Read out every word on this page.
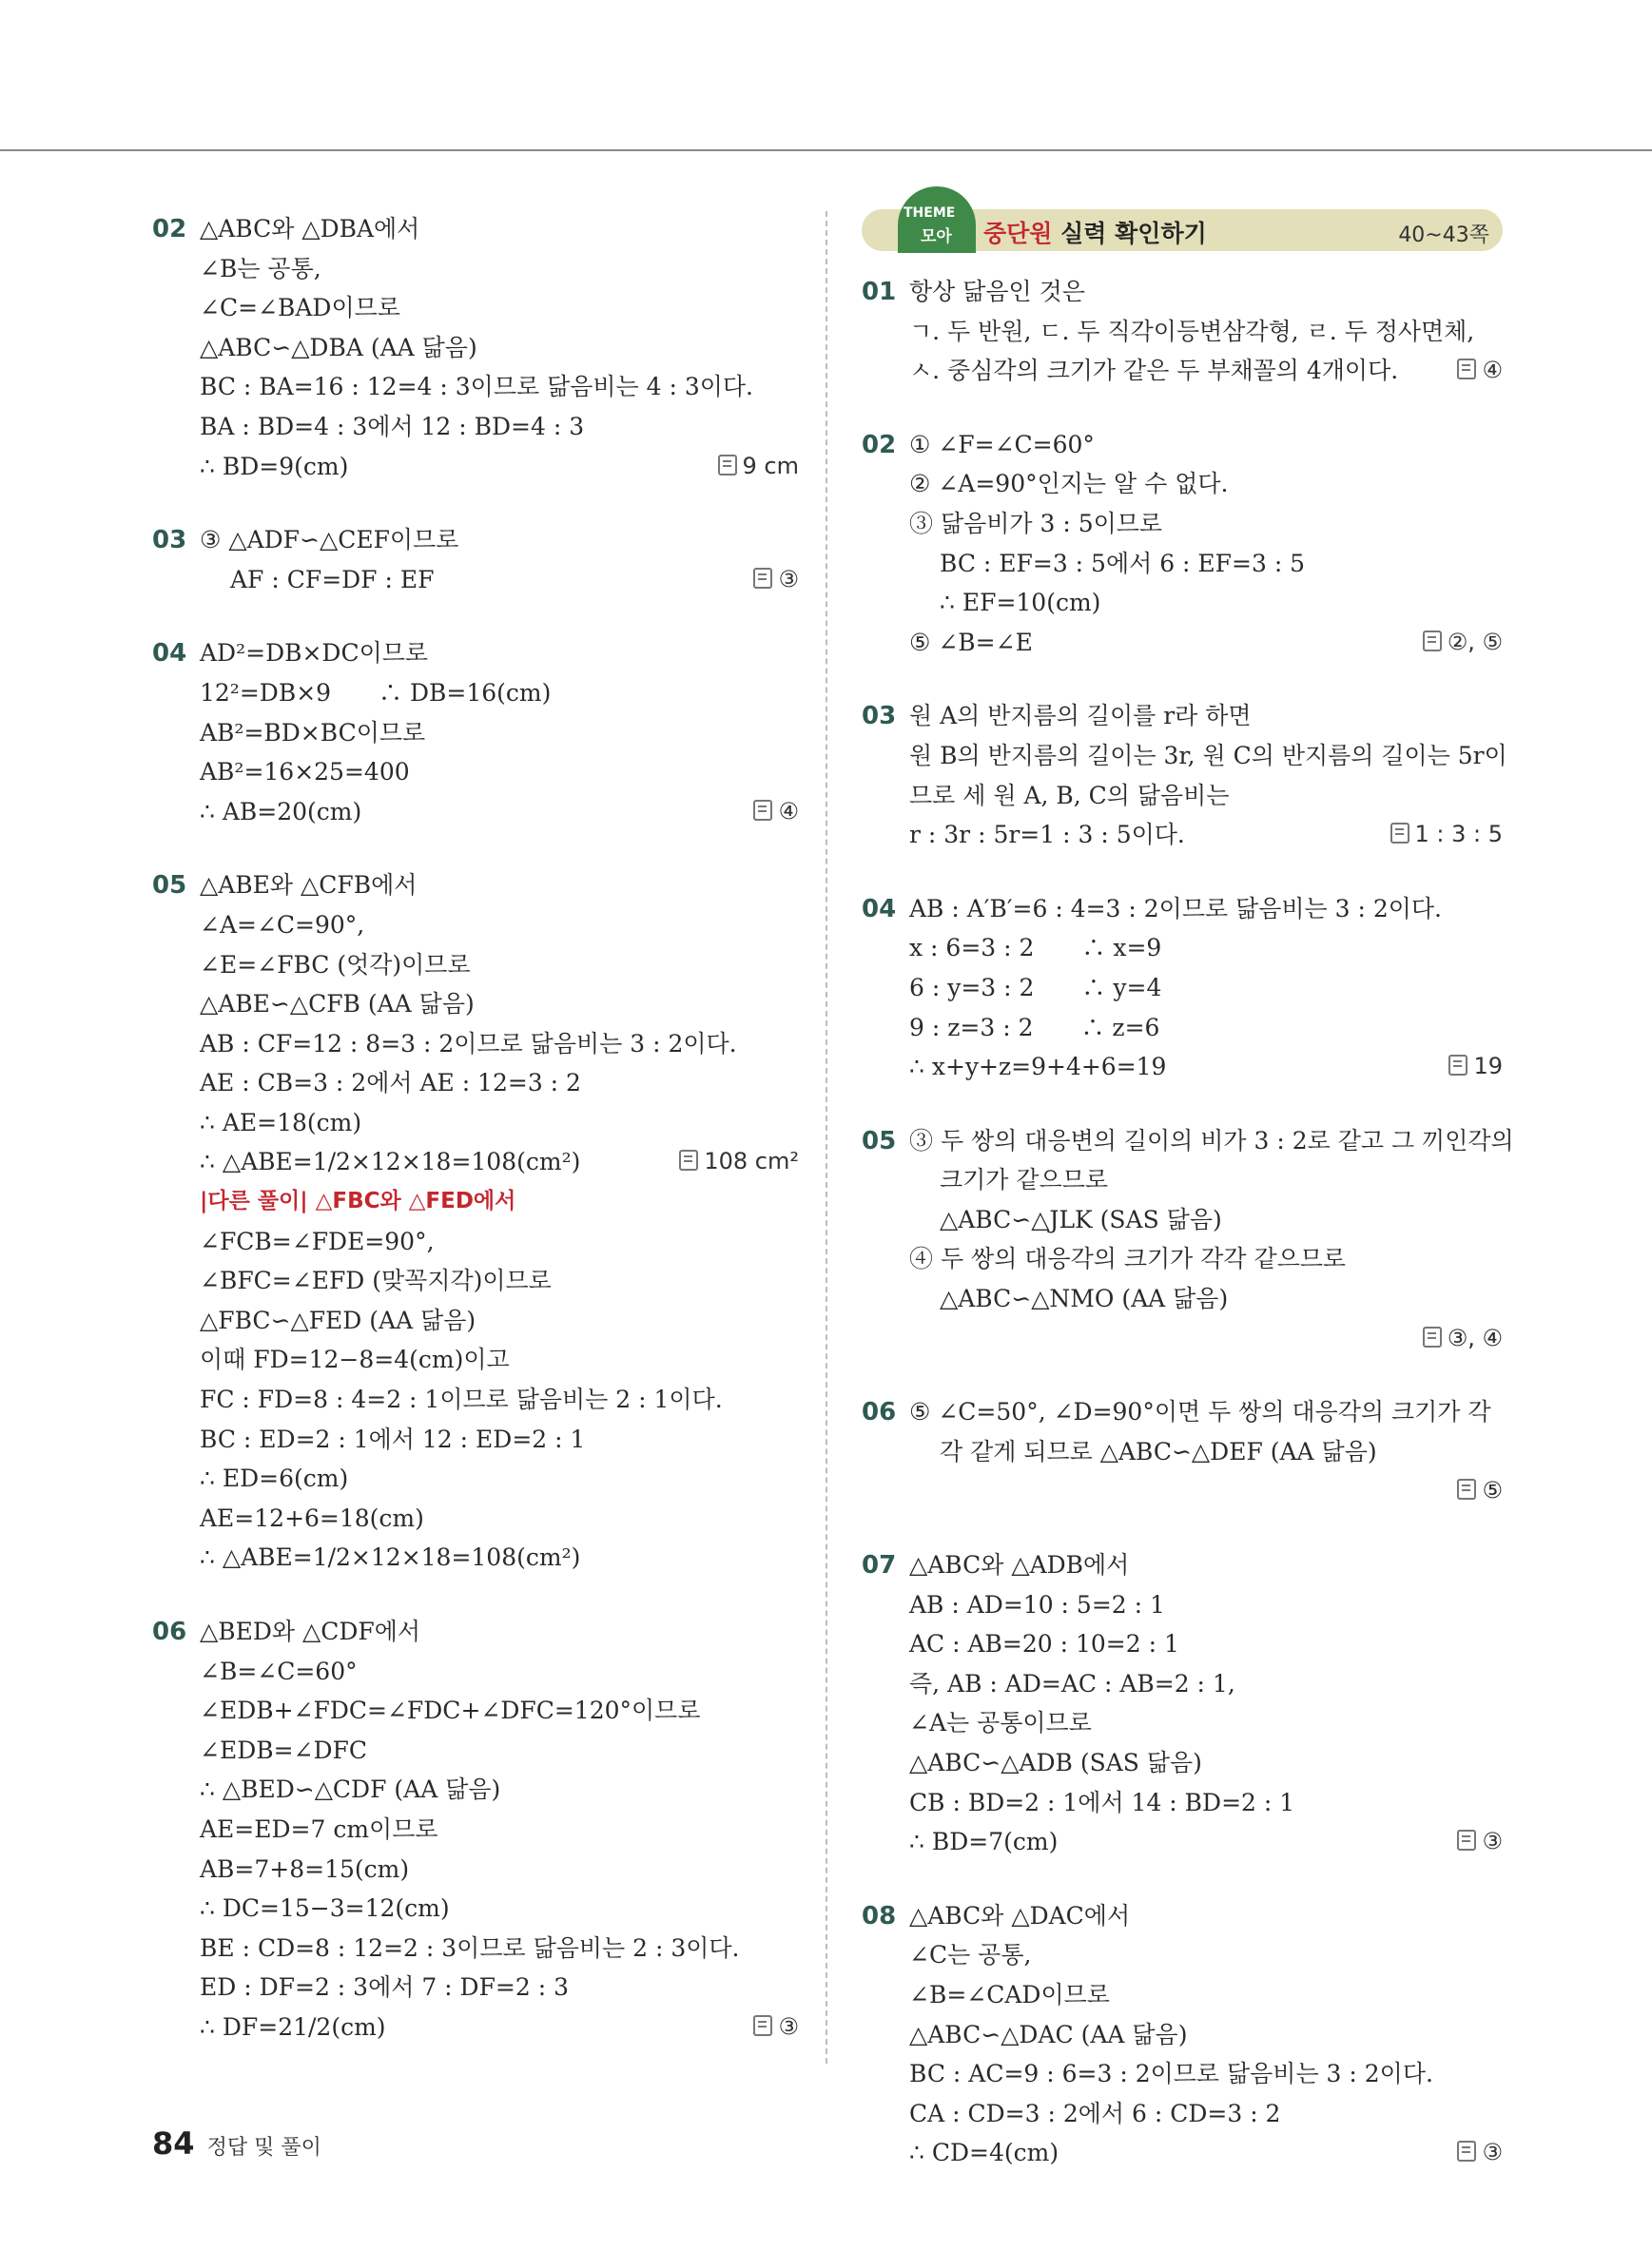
02 △ABC와 △DBA에서
∠B는 공통,
∠C=∠BAD이므로
△ABC∽△DBA (AA 닮음)
BC : BA=16 : 12=4 : 3이므로 닮음비는 4 : 3이다.
BA : BD=4 : 3에서 12 : BD=4 : 3
∴ BD=9(cm)	9 cm
03 ③ △ADF∽△CEF이므로
AF : CF=DF : EF	③
04 AD²=DB×DC이므로
12²=DB×9　　∴ DB=16(cm)
AB²=BD×BC이므로
AB²=16×25=400
∴ AB=20(cm)	④
05 △ABE와 △CFB에서
∠A=∠C=90°,
∠E=∠FBC (엇각)이므로
△ABE∽△CFB (AA 닮음)
AB : CF=12 : 8=3 : 2이므로 닮음비는 3 : 2이다.
AE : CB=3 : 2에서 AE : 12=3 : 2
∴ AE=18(cm)
∴ △ABE=1/2×12×18=108(cm²)	108 cm²
|다른 풀이| △FBC와 △FED에서
∠FCB=∠FDE=90°,
∠BFC=∠EFD (맞꼭지각)이므로
△FBC∽△FED (AA 닮음)
이때 FD=12−8=4(cm)이고
FC : FD=8 : 4=2 : 1이므로 닮음비는 2 : 1이다.
BC : ED=2 : 1에서 12 : ED=2 : 1
∴ ED=6(cm)
AE=12+6=18(cm)
∴ △ABE=1/2×12×18=108(cm²)
06 △BED와 △CDF에서
∠B=∠C=60°
∠EDB+∠FDC=∠FDC+∠DFC=120°이므로
∠EDB=∠DFC
∴ △BED∽△CDF (AA 닮음)
AE=ED=7 cm이므로
AB=7+8=15(cm)
∴ DC=15−3=12(cm)
BE : CD=8 : 12=2 : 3이므로 닮음비는 2 : 3이다.
ED : DF=2 : 3에서 7 : DF=2 : 3
∴ DF=21/2(cm)	③
THEME
모아 중단원 실력 확인하기	40~43쪽
01 항상 닮음인 것은
ㄱ. 두 반원, ㄷ. 두 직각이등변삼각형, ㄹ. 두 정사면체,
ㅅ. 중심각의 크기가 같은 두 부채꼴의 4개이다.	④
02 ① ∠F=∠C=60°
② ∠A=90°인지는 알 수 없다.
③ 닮음비가 3 : 5이므로
BC : EF=3 : 5에서 6 : EF=3 : 5
∴ EF=10(cm)
⑤ ∠B=∠E	②, ⑤
03 원 A의 반지름의 길이를 r라 하면
원 B의 반지름의 길이는 3r, 원 C의 반지름의 길이는 5r이
므로 세 원 A, B, C의 닮음비는
r : 3r : 5r=1 : 3 : 5이다.	1 : 3 : 5
04 AB : A′B′=6 : 4=3 : 2이므로 닮음비는 3 : 2이다.
x : 6=3 : 2　　∴ x=9
6 : y=3 : 2　　∴ y=4
9 : z=3 : 2　　∴ z=6
∴ x+y+z=9+4+6=19	19
05 ③ 두 쌍의 대응변의 길이의 비가 3 : 2로 같고 그 끼인각의
크기가 같으므로
△ABC∽△JLK (SAS 닮음)
④ 두 쌍의 대응각의 크기가 각각 같으므로
△ABC∽△NMO (AA 닮음)
③, ④
06 ⑤ ∠C=50°, ∠D=90°이면 두 쌍의 대응각의 크기가 각
각 같게 되므로 △ABC∽△DEF (AA 닮음)
⑤
07 △ABC와 △ADB에서
AB : AD=10 : 5=2 : 1
AC : AB=20 : 10=2 : 1
즉, AB : AD=AC : AB=2 : 1,
∠A는 공통이므로
△ABC∽△ADB (SAS 닮음)
CB : BD=2 : 1에서 14 : BD=2 : 1
∴ BD=7(cm)	③
08 △ABC와 △DAC에서
∠C는 공통,
∠B=∠CAD이므로
△ABC∽△DAC (AA 닮음)
BC : AC=9 : 6=3 : 2이므로 닮음비는 3 : 2이다.
CA : CD=3 : 2에서 6 : CD=3 : 2
∴ CD=4(cm)	③
84 정답 및 풀이
